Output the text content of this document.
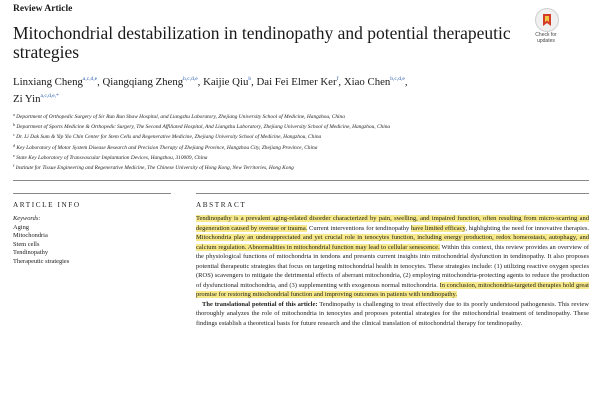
Review Article
Mitochondrial destabilization in tendinopathy and potential therapeutic strategies
Check for updates
Linxiang Cheng$^{a,c,d,e}$, Qiangqiang Zheng$^{b,c,d,e}$, Kaijie Qiu$^b$, Dai Fei Elmer Ker$^f$, Xiao Chen$^{b,c,d,e}$,
Zi Yin$^{a,c,d,e,*}$

$^a$ Department of Orthopedic Surgery of Sir Run Run Shaw Hospital, and Liangzhu Laboratory, Zhejiang University School of Medicine, Hangzhou, China

$^b$ Department of Sports Medicine & Orthopedic Surgery, The Second Affiliated Hospital, And Liangzhu Laboratory, Zhejiang University School of Medicine, Hangzhou, China

$^c$ Dr. Li Dak Sum & Yip Yio Chin Center for Stem Cells and Regenerative Medicine, Zhejiang University School of Medicine, Hangzhou, China

$^d$ Key Laboratory of Motor System Disease Research and Precision Therapy of Zhejiang Province, Hangzhou City, Zhejiang Province, China

$^e$ State Key Laboratory of Transvascular Implantation Devices, Hangzhou, 310009, China

$^f$ Institute for Tissue Engineering and Regenerative Medicine, The Chinese University of Hong Kong, New Territories, Hong Kong

ARTICLE INFO	ABSTRACT
Keywords:
Aging
Mitochondria
Stem cells
Tendinopathy
Therapeutic strategies

Tendinopathy is a prevalent aging-related disorder characterized by pain, swelling, and impaired function, often resulting from micro-scarring and degeneration caused by overuse or trauma. Current interventions for tendinopathy have limited efficacy, highlighting the need for innovative therapies. Mitochondria play an underappreciated and yet crucial role in tenocytes function, including energy production, redox homeostasis, autophagy, and calcium regulation. Abnormalities in mitochondrial function may lead to cellular senescence. Within this context, this review provides an overview of the physiological functions of mitochondria in tendons and presents current insights into mitochondrial dysfunction in tendinopathy. It also proposes potential therapeutic strategies that focus on targeting mitochondrial health in tenocytes. These strategies include: (1) utilizing reactive oxygen species (ROS) scavengers to mitigate the detrimental effects of aberrant mitochondria, (2) employing mitochondria-protecting agents to reduce the production of dysfunctional mitochondria, and (3) supplementing with exogenous normal mitochondria. In conclusion, mitochondria-targeted therapies hold great promise for restoring mitochondrial function and improving outcomes in patients with tendinopathy.

The translational potential of this article: Tendinopathy is challenging to treat effectively due to its poorly understood pathogenesis. This review thoroughly analyzes the role of mitochondria in tenocytes and proposes potential strategies for the mitochondrial treatment of tendinopathy. These findings establish a theoretical basis for future research and the clinical translation of mitochondrial therapy for tendinopathy.
